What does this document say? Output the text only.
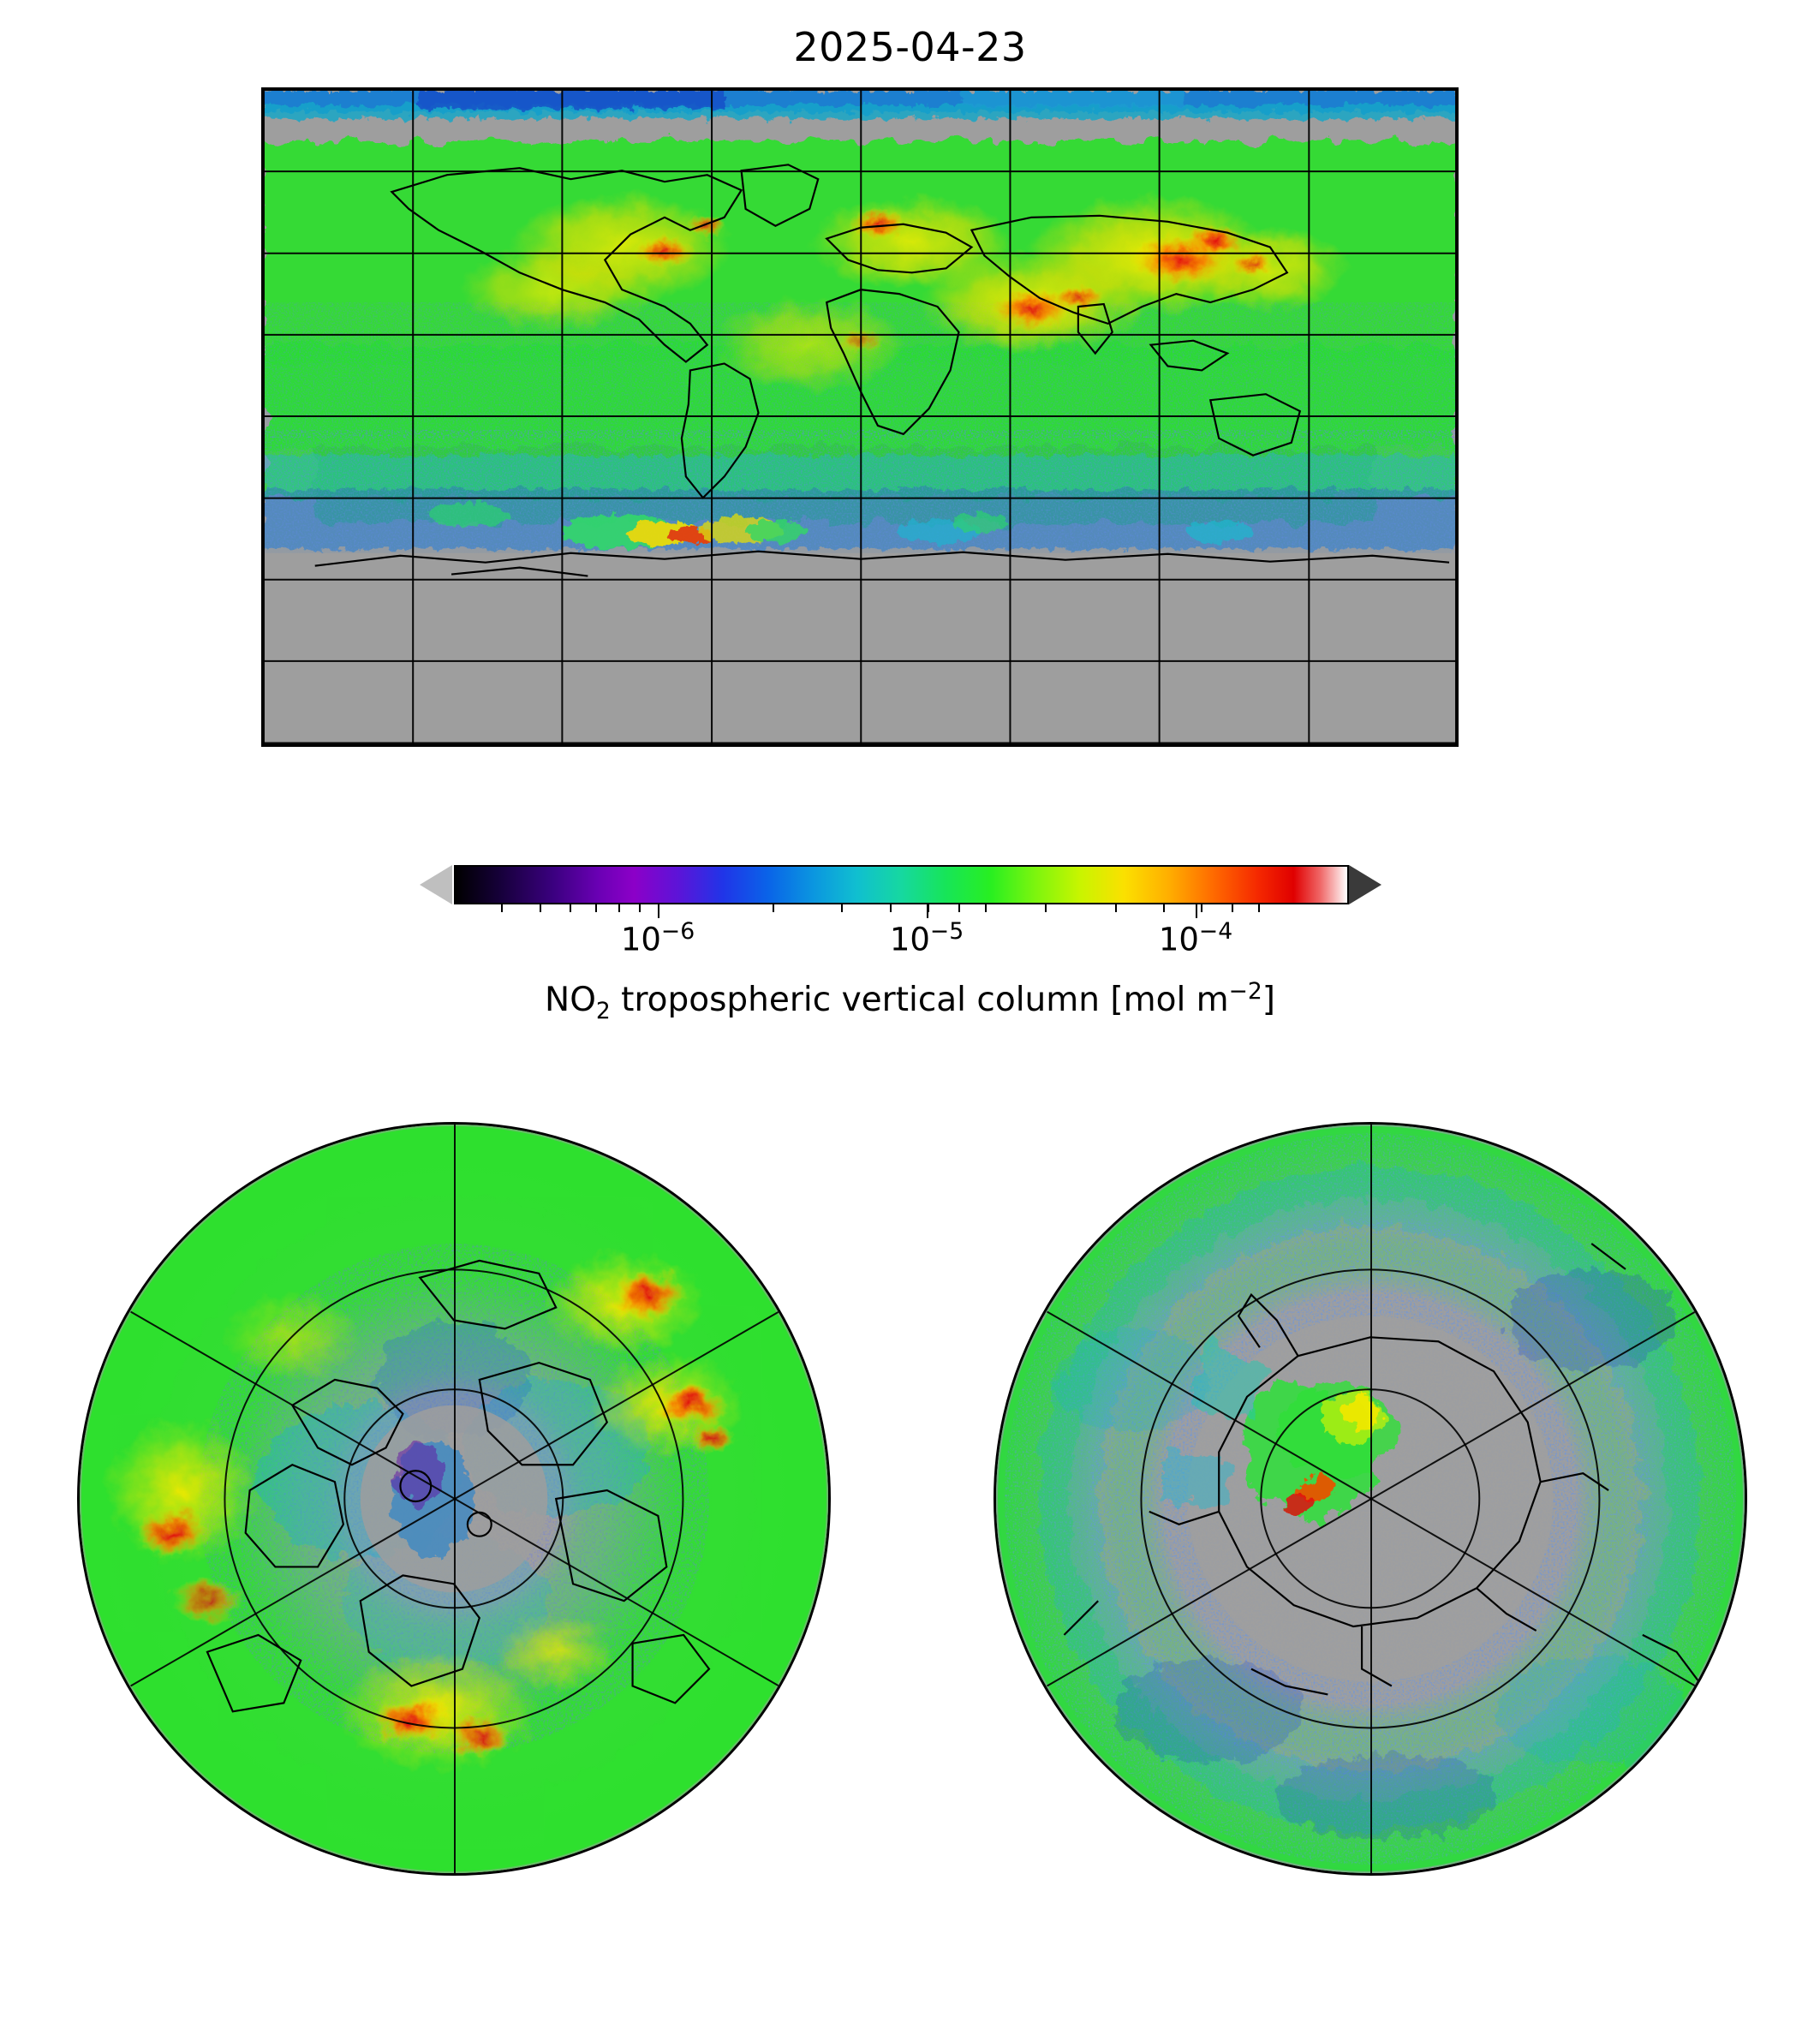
2025-04-23
$10^{-6}$	$10^{-5}$	$10^{-4}$
$NO_2$ tropospheric vertical column [mol $m^{-2}$]
